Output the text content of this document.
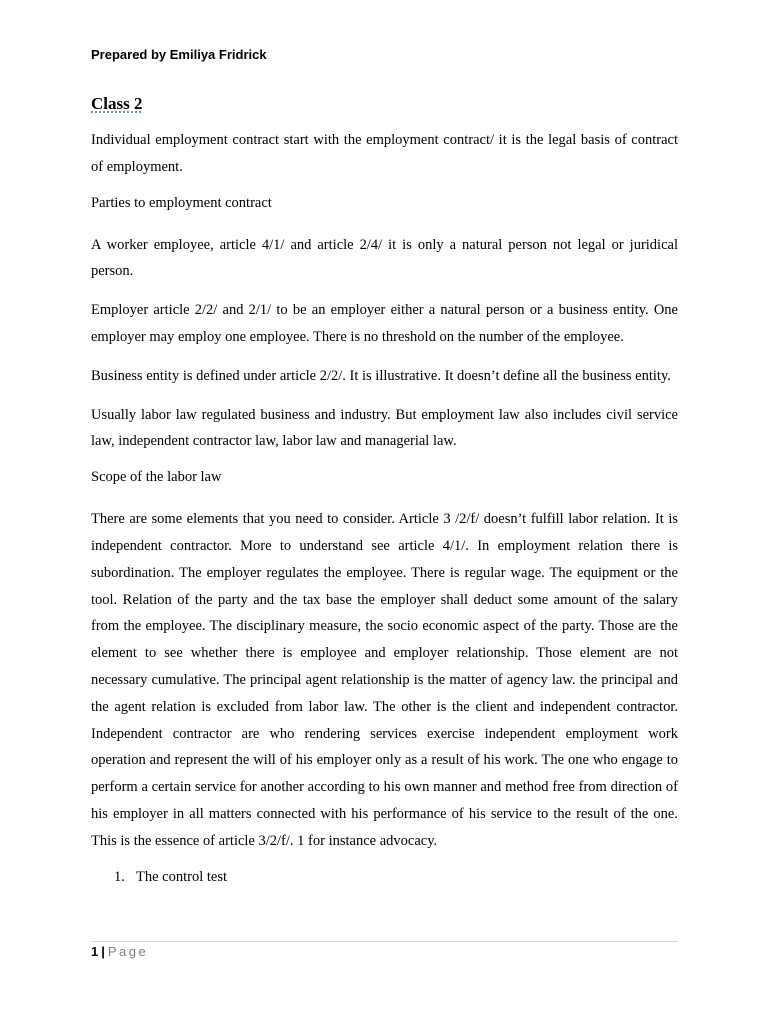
Prepared by Emiliya Fridrick
Class 2

Individual employment contract start with the employment contract/ it is the legal basis of contract of employment.

Parties to employment contract

A worker employee, article 4/1/ and article 2/4/ it is only a natural person not legal or juridical person.

Employer article 2/2/ and 2/1/ to be an employer either a natural person or a business entity. One employer may employ one employee. There is no threshold on the number of the employee.

Business entity is defined under article 2/2/. It is illustrative. It doesn’t define all the business entity.

Usually labor law regulated business and industry. But employment law also includes civil service law, independent contractor law, labor law and managerial law.

Scope of the labor law

There are some elements that you need to consider. Article 3 /2/f/ doesn’t fulfill labor relation. It is independent contractor. More to understand see article 4/1/. In employment relation there is subordination. The employer regulates the employee. There is regular wage. The equipment or the tool. Relation of the party and the tax base the employer shall deduct some amount of the salary from the employee. The disciplinary measure, the socio economic aspect of the party. Those are the element to see whether there is employee and employer relationship. Those element are not necessary cumulative. The principal agent relationship is the matter of agency law. the principal and the agent relation is excluded from labor law. The other is the client and independent contractor. Independent contractor are who rendering services exercise independent employment work operation and represent the will of his employer only as a result of his work. The one who engage to perform a certain service for another according to his own manner and method free from direction of his employer in all matters connected with his performance of his service to the result of the one. This is the essence of article 3/2/f/. 1 for instance advocacy.

1. The control test
1 | Page
